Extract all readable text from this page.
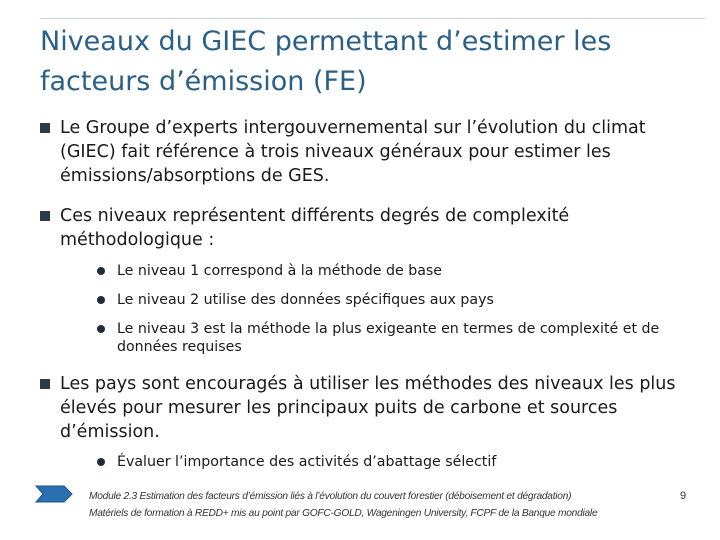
Niveaux du GIEC permettant d’estimer les facteurs d’émission (FE)
Le Groupe d’experts intergouvernemental sur l’évolution du climat (GIEC) fait référence à trois niveaux généraux pour estimer les émissions/absorptions de GES.
Ces niveaux représentent différents degrés de complexité méthodologique :
Le niveau 1 correspond à la méthode de base
Le niveau 2 utilise des données spécifiques aux pays
Le niveau 3 est la méthode la plus exigeante en termes de complexité et de données requises
Les pays sont encouragés à utiliser les méthodes des niveaux les plus élevés pour mesurer les principaux puits de carbone et sources d’émission.
Évaluer l’importance des activités d’abattage sélectif
Module 2.3 Estimation des facteurs d’émission liés à l’évolution du couvert forestier (déboisement et dégradation)
Matériels de formation à REDD+ mis au point par GOFC-GOLD, Wageningen University, FCPF de la Banque mondiale
9
